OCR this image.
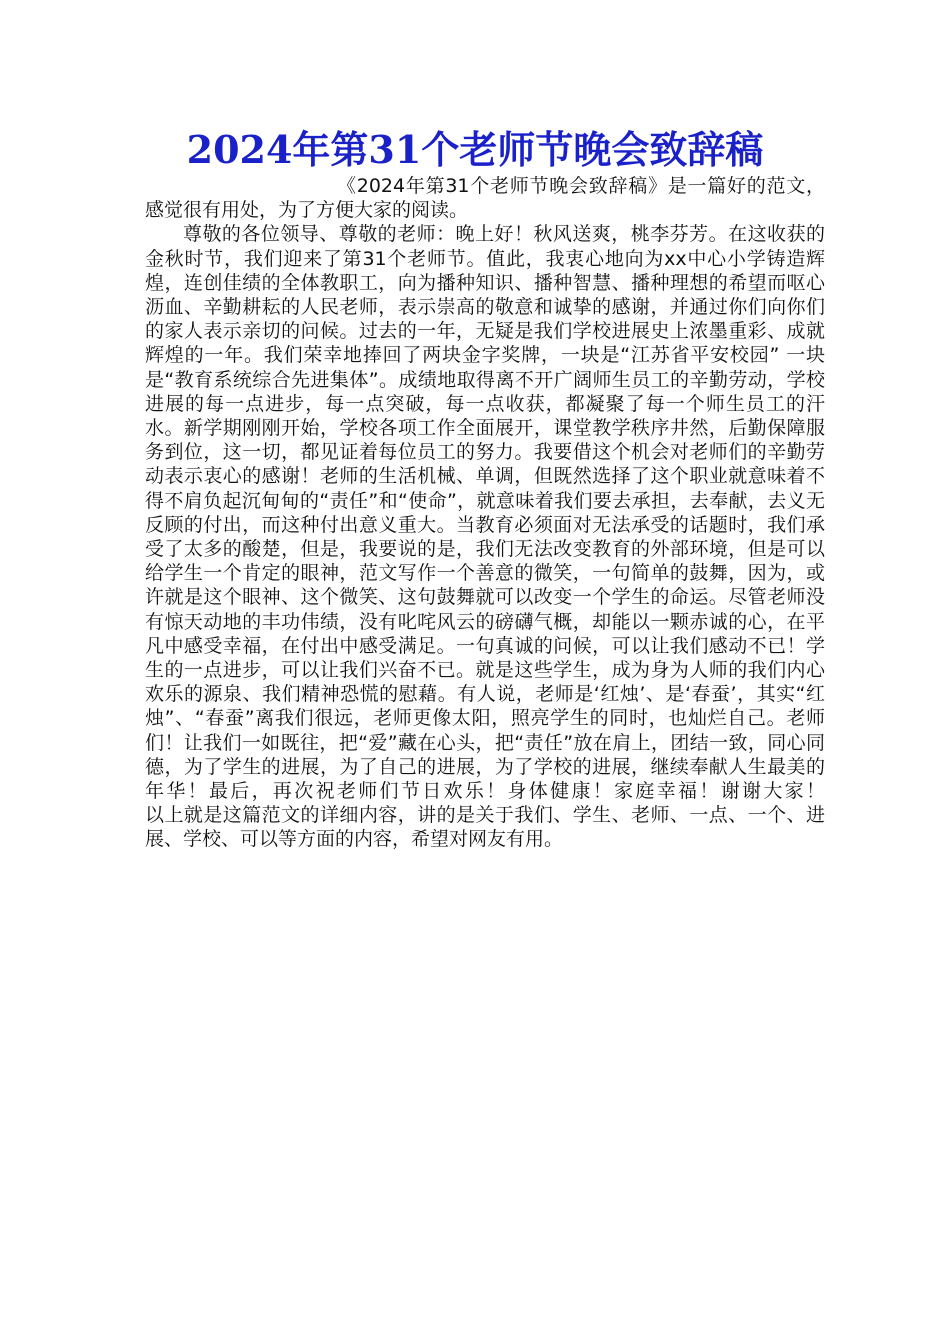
2024年第31个老师节晚会致辞稿

《2024年第31个老师节晚会致辞稿》是一篇好的范文，感觉很有用处，为了方便大家的阅读。

尊敬的各位领导、尊敬的老师：晚上好！秋风送爽，桃李芬芳。在这收获的金秋时节，我们迎来了第31个老师节。值此，我衷心地向为xx中心小学铸造辉煌，连创佳绩的全体教职工，向为播种知识、播种智慧、播种理想的希望而呕心沥血、辛勤耕耘的人民老师，表示崇高的敬意和诚挚的感谢，并通过你们向你们的家人表示亲切的问候。过去的一年，无疑是我们学校进展史上浓墨重彩、成就辉煌的一年。我们荣幸地捧回了两块金字奖牌，一块是“江苏省平安校园” 一块是“教育系统综合先进集体”。成绩地取得离不开广阔师生员工的辛勤劳动，学校进展的每一点进步，每一点突破，每一点收获，都凝聚了每一个师生员工的汗水。新学期刚刚开始，学校各项工作全面展开，课堂教学秩序井然，后勤保障服务到位，这一切，都见证着每位员工的努力。我要借这个机会对老师们的辛勤劳动表示衷心的感谢！老师的生活机械、单调，但既然选择了这个职业就意味着不得不肩负起沉甸甸的“责任”和“使命”，就意味着我们要去承担，去奉献，去义无反顾的付出，而这种付出意义重大。当教育必须面对无法承受的话题时，我们承受了太多的酸楚，但是，我要说的是，我们无法改变教育的外部环境，但是可以给学生一个肯定的眼神，范文写作一个善意的微笑，一句简单的鼓舞，因为，或许就是这个眼神、这个微笑、这句鼓舞就可以改变一个学生的命运。尽管老师没有惊天动地的丰功伟绩，没有叱咤风云的磅礴气概，却能以一颗赤诚的心，在平凡中感受幸福，在付出中感受满足。一句真诚的问候，可以让我们感动不已！学生的一点进步，可以让我们兴奋不已。就是这些学生，成为身为人师的我们内心欢乐的源泉、我们精神恐慌的慰藉。有人说，老师是‘红烛’、是‘春蚕’，其实“红烛”、“春蚕”离我们很远，老师更像太阳，照亮学生的同时，也灿烂自己。老师们！让我们一如既往，把“爱”藏在心头，把“责任”放在肩上，团结一致，同心同德，为了学生的进展，为了自己的进展，为了学校的进展，继续奉献人生最美的年华！最后，再次祝老师们节日欢乐！身体健康！家庭幸福！谢谢大家！　　　以上就是这篇范文的详细内容，讲的是关于我们、学生、老师、一点、一个、进展、学校、可以等方面的内容，希望对网友有用。
